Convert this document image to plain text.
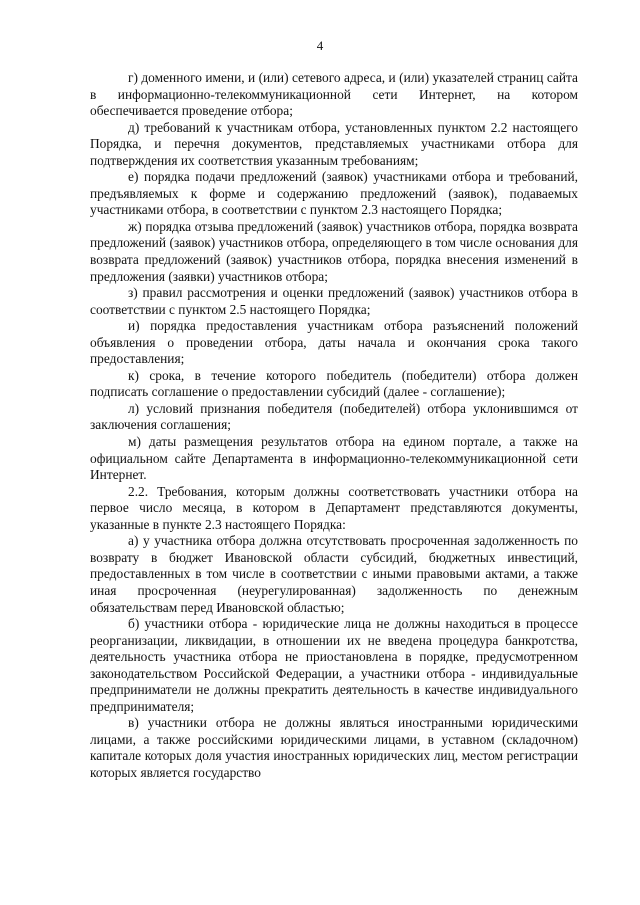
4

г) доменного имени, и (или) сетевого адреса, и (или) указателей страниц сайта в информационно-телекоммуникационной сети Интернет, на котором обеспечивается проведение отбора;

д) требований к участникам отбора, установленных пунктом 2.2 настоящего Порядка, и перечня документов, представляемых участниками отбора для подтверждения их соответствия указанным требованиям;

е) порядка подачи предложений (заявок) участниками отбора и требований, предъявляемых к форме и содержанию предложений (заявок), подаваемых участниками отбора, в соответствии с пунктом 2.3 настоящего Порядка;

ж) порядка отзыва предложений (заявок) участников отбора, порядка возврата предложений (заявок) участников отбора, определяющего в том числе основания для возврата предложений (заявок) участников отбора, порядка внесения изменений в предложения (заявки) участников отбора;

з) правил рассмотрения и оценки предложений (заявок) участников отбора в соответствии с пунктом 2.5 настоящего Порядка;

и) порядка предоставления участникам отбора разъяснений положений объявления о проведении отбора, даты начала и окончания срока такого предоставления;

к) срока, в течение которого победитель (победители) отбора должен подписать соглашение о предоставлении субсидий (далее - соглашение);

л) условий признания победителя (победителей) отбора уклонившимся от заключения соглашения;

м) даты размещения результатов отбора на едином портале, а также на официальном сайте Департамента в информационно-телекоммуникационной сети Интернет.

2.2. Требования, которым должны соответствовать участники отбора на первое число месяца, в котором в Департамент представляются документы, указанные в пункте 2.3 настоящего Порядка:

а) у участника отбора должна отсутствовать просроченная задолженность по возврату в бюджет Ивановской области субсидий, бюджетных инвестиций, предоставленных в том числе в соответствии с иными правовыми актами, а также иная просроченная (неурегулированная) задолженность по денежным обязательствам перед Ивановской областью;

б) участники отбора - юридические лица не должны находиться в процессе реорганизации, ликвидации, в отношении их не введена процедура банкротства, деятельность участника отбора не приостановлена в порядке, предусмотренном законодательством Российской Федерации, а участники отбора - индивидуальные предприниматели не должны прекратить деятельность в качестве индивидуального предпринимателя;

в) участники отбора не должны являться иностранными юридическими лицами, а также российскими юридическими лицами, в уставном (складочном) капитале которых доля участия иностранных юридических лиц, местом регистрации которых является государство
